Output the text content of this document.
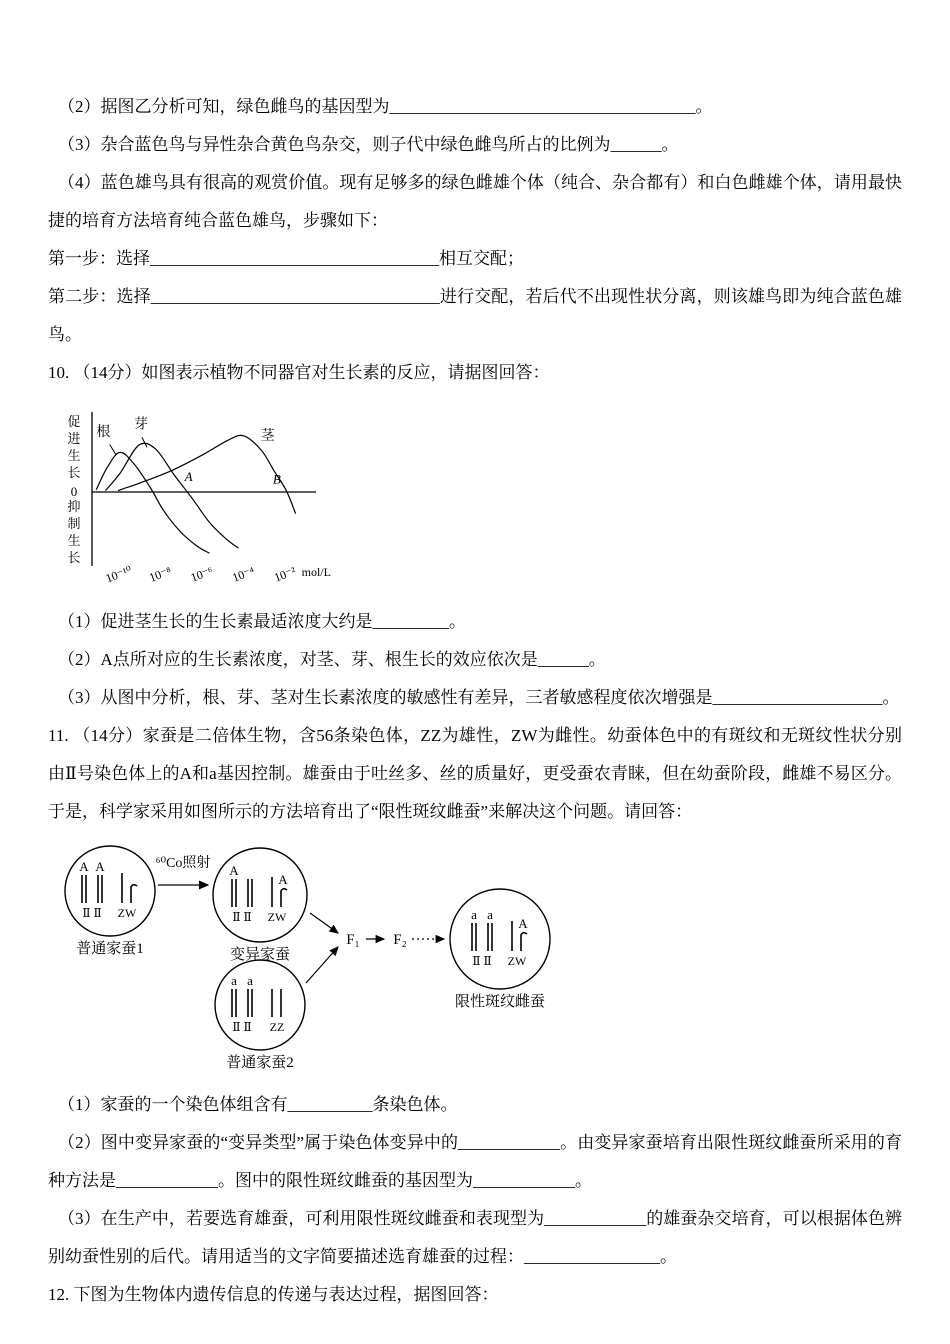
（2）据图乙分析可知，绿色雌鸟的基因型为____________________________________。

（3）杂合蓝色鸟与异性杂合黄色鸟杂交，则子代中绿色雌鸟所占的比例为______。

（4）蓝色雄鸟具有很高的观赏价值。现有足够多的绿色雌雄个体（纯合、杂合都有）和白色雌雄个体，请用最快捷的培育方法培育纯合蓝色雄鸟，步骤如下：

第一步：选择__________________________________相互交配；

第二步：选择__________________________________进行交配，若后代不出现性状分离，则该雄鸟即为纯合蓝色雄鸟。

10. （14分）如图表示植物不同器官对生长素的反应，请据图回答：

促
进
生
长
0
抑
制
生
长
10⁻¹⁰ 10⁻⁸ 10⁻⁶ 10⁻⁴ 10⁻² mol/L
根 芽
茎
A	B

（1）促进茎生长的生长素最适浓度大约是_________。

（2）A点所对应的生长素浓度，对茎、芽、根生长的效应依次是______。

（3）从图中分析，根、芽、茎对生长素浓度的敏感性有差异，三者敏感程度依次增强是____________________。

11. （14分）家蚕是二倍体生物，含56条染色体，ZZ为雄性，ZW为雌性。幼蚕体色中的有斑纹和无斑纹性状分别由Ⅱ号染色体上的A和a基因控制。雄蚕由于吐丝多、丝的质量好，更受蚕农青睐，但在幼蚕阶段，雌雄不易区分。于是，科学家采用如图所示的方法培育出了“限性斑纹雌蚕”来解决这个问题。请回答：

A A
Ⅱ Ⅱ ZW
普通家蚕1
A
Ⅱ Ⅱ
A
ZW
变异家蚕
a a
Ⅱ Ⅱ ZZ
普通家蚕2
a a
Ⅱ Ⅱ
A
ZW
限性斑纹雌蚕
⁶⁰Co照射
F₁ F₂

（1）家蚕的一个染色体组含有__________条染色体。

（2）图中变异家蚕的“变异类型”属于染色体变异中的____________。由变异家蚕培育出限性斑纹雌蚕所采用的育种方法是____________。图中的限性斑纹雌蚕的基因型为____________。

（3）在生产中，若要选育雄蚕，可利用限性斑纹雌蚕和表现型为____________的雄蚕杂交培育，可以根据体色辨别幼蚕性别的后代。请用适当的文字简要描述选育雄蚕的过程：________________。

12. 下图为生物体内遗传信息的传递与表达过程，据图回答：
